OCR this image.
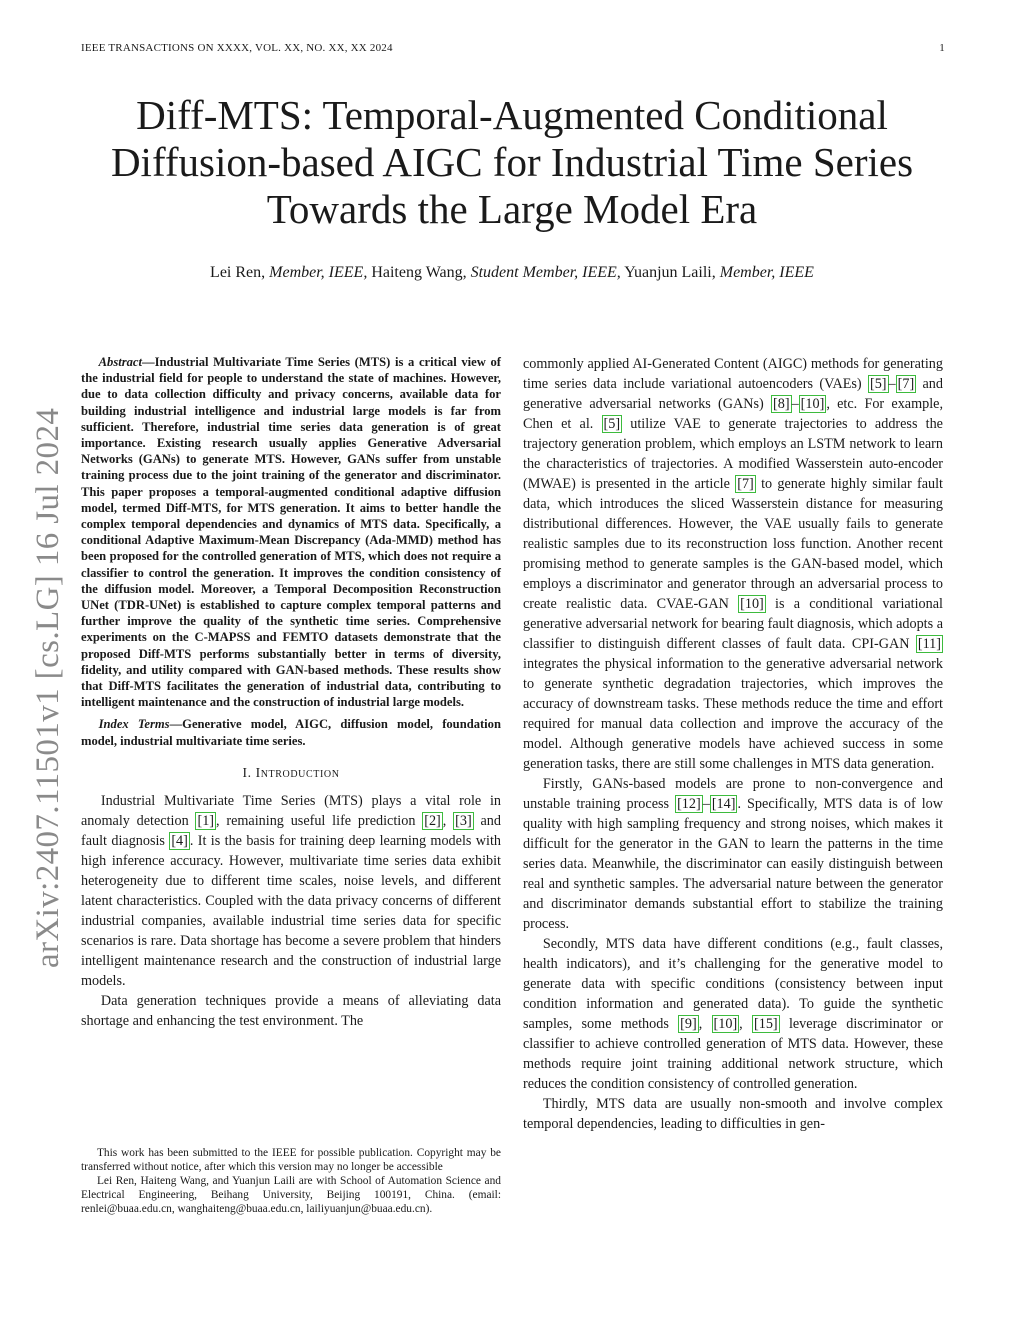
IEEE TRANSACTIONS ON XXXX, VOL. XX, NO. XX, XX 2024	1
arXiv:2407.11501v1 [cs.LG] 16 Jul 2024
Diff-MTS: Temporal-Augmented Conditional
Diffusion-based AIGC for Industrial Time Series
Towards the Large Model Era
Lei Ren, Member, IEEE, Haiteng Wang, Student Member, IEEE, Yuanjun Laili, Member, IEEE

Abstract—Industrial Multivariate Time Series (MTS) is a critical view of the industrial field for people to understand the state of machines. However, due to data collection difficulty and privacy concerns, available data for building industrial intelligence and industrial large models is far from sufficient. Therefore, industrial time series data generation is of great importance. Existing research usually applies Generative Adversarial Networks (GANs) to generate MTS. However, GANs suffer from unstable training process due to the joint training of the generator and discriminator. This paper proposes a temporal-augmented conditional adaptive diffusion model, termed Diff-MTS, for MTS generation. It aims to better handle the complex temporal dependencies and dynamics of MTS data. Specifically, a conditional Adaptive Maximum-Mean Discrepancy (Ada-MMD) method has been proposed for the controlled generation of MTS, which does not require a classifier to control the generation. It improves the condition consistency of the diffusion model. Moreover, a Temporal Decomposition Reconstruction UNet (TDR-UNet) is established to capture complex temporal patterns and further improve the quality of the synthetic time series. Comprehensive experiments on the C-MAPSS and FEMTO datasets demonstrate that the proposed Diff-MTS performs substantially better in terms of diversity, fidelity, and utility compared with GAN-based methods. These results show that Diff-MTS facilitates the generation of industrial data, contributing to intelligent maintenance and the construction of industrial large models.

Index Terms—Generative model, AIGC, diffusion model, foundation model, industrial multivariate time series.

I. Introduction

Industrial Multivariate Time Series (MTS) plays a vital role in anomaly detection [1] , remaining useful life prediction [2] , [3] and fault diagnosis [4] . It is the basis for training deep learning models with high inference accuracy. However, multivariate time series data exhibit heterogeneity due to different time scales, noise levels, and different latent characteristics. Coupled with the data privacy concerns of different industrial companies, available industrial time series data for specific scenarios is rare. Data shortage has become a severe problem that hinders intelligent maintenance research and the construction of industrial large models.

Data generation techniques provide a means of alleviating data shortage and enhancing the test environment. The

This work has been submitted to the IEEE for possible publication. Copyright may be transferred without notice, after which this version may no longer be accessible

Lei Ren, Haiteng Wang, and Yuanjun Laili are with School of Automation Science and Electrical Engineering, Beihang University, Beijing 100191, China. (email: renlei@buaa.edu.cn, wanghaiteng@buaa.edu.cn, lailiyuanjun@buaa.edu.cn).

commonly applied AI-Generated Content (AIGC) methods for generating time series data include variational autoencoders (VAEs) [5] – [7] and generative adversarial networks (GANs) [8] – [10] , etc. For example, Chen et al. [5] utilize VAE to generate trajectories to address the trajectory generation problem, which employs an LSTM network to learn the characteristics of trajectories. A modified Wasserstein auto-encoder (MWAE) is presented in the article [7] to generate highly similar fault data, which introduces the sliced Wasserstein distance for measuring distributional differences. However, the VAE usually fails to generate realistic samples due to its reconstruction loss function. Another recent promising method to generate samples is the GAN-based model, which employs a discriminator and generator through an adversarial process to create realistic data. CVAE-GAN [10] is a conditional variational generative adversarial network for bearing fault diagnosis, which adopts a classifier to distinguish different classes of fault data. CPI-GAN [11] integrates the physical information to the generative adversarial network to generate synthetic degradation trajectories, which improves the accuracy of downstream tasks. These methods reduce the time and effort required for manual data collection and improve the accuracy of the model. Although generative models have achieved success in some generation tasks, there are still some challenges in MTS data generation.

Firstly, GANs-based models are prone to non-convergence and unstable training process [12] – [14] . Specifically, MTS data is of low quality with high sampling frequency and strong noises, which makes it difficult for the generator in the GAN to learn the patterns in the time series data. Meanwhile, the discriminator can easily distinguish between real and synthetic samples. The adversarial nature between the generator and discriminator demands substantial effort to stabilize the training process.

Secondly, MTS data have different conditions (e.g., fault classes, health indicators), and it’s challenging for the generative model to generate data with specific conditions (consistency between input condition information and generated data). To guide the synthetic samples, some methods [9] , [10] , [15] leverage discriminator or classifier to achieve controlled generation of MTS data. However, these methods require joint training additional network structure, which reduces the condition consistency of controlled generation.

Thirdly, MTS data are usually non-smooth and involve complex temporal dependencies, leading to difficulties in gen-
